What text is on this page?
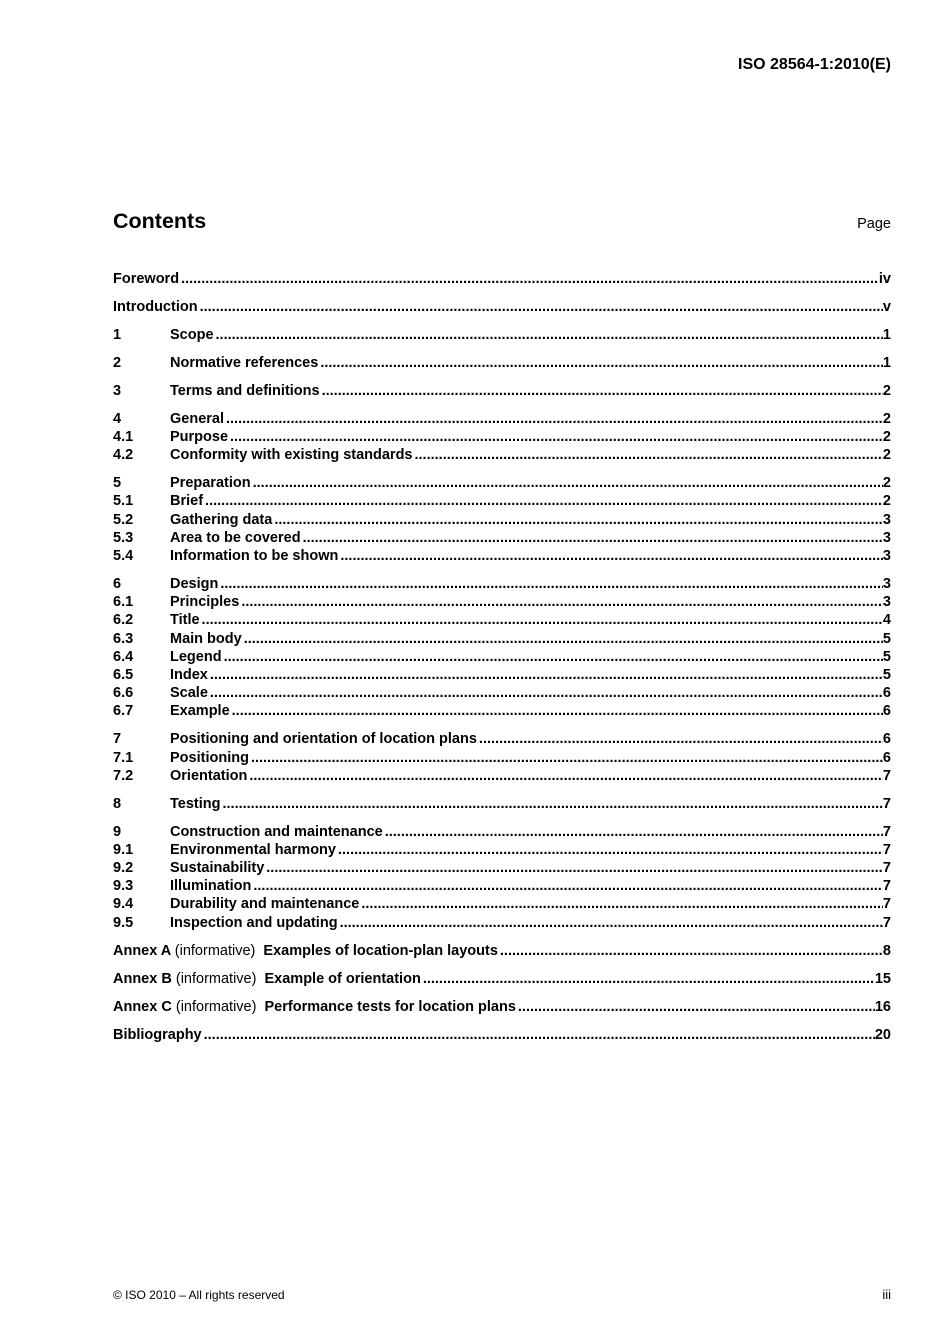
ISO 28564-1:2010(E)
Contents	Page
Foreword .....	iv
Introduction .....	v
1	Scope .....	1
2	Normative references .....	1
3	Terms and definitions .....	2
4	General .....	2
4.1	Purpose .....	2
4.2	Conformity with existing standards .....	2
5	Preparation .....	2
5.1	Brief .....	2
5.2	Gathering data .....	3
5.3	Area to be covered .....	3
5.4	Information to be shown .....	3
6	Design .....	3
6.1	Principles .....	3
6.2	Title .....	4
6.3	Main body .....	5
6.4	Legend .....	5
6.5	Index .....	5
6.6	Scale .....	6
6.7	Example .....	6
7	Positioning and orientation of location plans .....	6
7.1	Positioning .....	6
7.2	Orientation .....	7
8	Testing .....	7
9	Construction and maintenance .....	7
9.1	Environmental harmony .....	7
9.2	Sustainability .....	7
9.3	Illumination .....	7
9.4	Durability and maintenance .....	7
9.5	Inspection and updating .....	7
Annex A (informative) Examples of location-plan layouts .....	8
Annex B (informative) Example of orientation .....	15
Annex C (informative) Performance tests for location plans .....	16
Bibliography .....	20
© ISO 2010 – All rights reserved	iii
